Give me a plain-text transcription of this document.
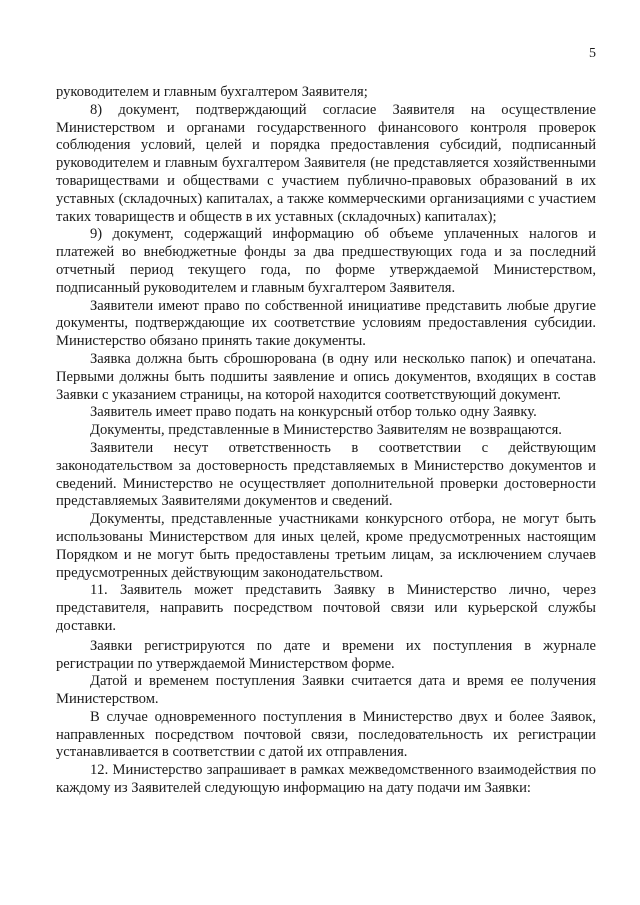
5

руководителем и главным бухгалтером Заявителя;

8) документ, подтверждающий согласие Заявителя на осуществление Министерством и органами государственного финансового контроля проверок соблюдения условий, целей и порядка предоставления субсидий, подписанный руководителем и главным бухгалтером Заявителя (не представляется хозяйственными товариществами и обществами с участием публично-правовых образований в их уставных (складочных) капиталах, а также коммерческими организациями с участием таких товариществ и обществ в их уставных (складочных) капиталах);

9) документ, содержащий информацию об объеме уплаченных налогов и платежей во внебюджетные фонды за два предшествующих года и за последний отчетный период текущего года, по форме утверждаемой Министерством, подписанный руководителем и главным бухгалтером Заявителя.

Заявители имеют право по собственной инициативе представить любые другие документы, подтверждающие их соответствие условиям предоставления субсидии. Министерство обязано принять такие документы.

Заявка должна быть сброшюрована (в одну или несколько папок) и опечатана. Первыми должны быть подшиты заявление и опись документов, входящих в состав Заявки с указанием страницы, на которой находится соответствующий документ.

Заявитель имеет право подать на конкурсный отбор только одну Заявку.

Документы, представленные в Министерство Заявителям не возвращаются.

Заявители несут ответственность в соответствии с действующим законодательством за достоверность представляемых в Министерство документов и сведений. Министерство не осуществляет дополнительной проверки достоверности представляемых Заявителями документов и сведений.

Документы, представленные участниками конкурсного отбора, не могут быть использованы Министерством для иных целей, кроме предусмотренных настоящим Порядком и не могут быть предоставлены третьим лицам, за исключением случаев предусмотренных действующим законодательством.

11. Заявитель может представить Заявку в Министерство лично, через представителя, направить посредством почтовой связи или курьерской службы доставки.

Заявки регистрируются по дате и времени их поступления в журнале регистрации по утверждаемой Министерством форме.

Датой и временем поступления Заявки считается дата и время ее получения Министерством.

В случае одновременного поступления в Министерство двух и более Заявок, направленных посредством почтовой связи, последовательность их регистрации устанавливается в соответствии с датой их отправления.

12. Министерство запрашивает в рамках межведомственного взаимодействия по каждому из Заявителей следующую информацию на дату подачи им Заявки:
